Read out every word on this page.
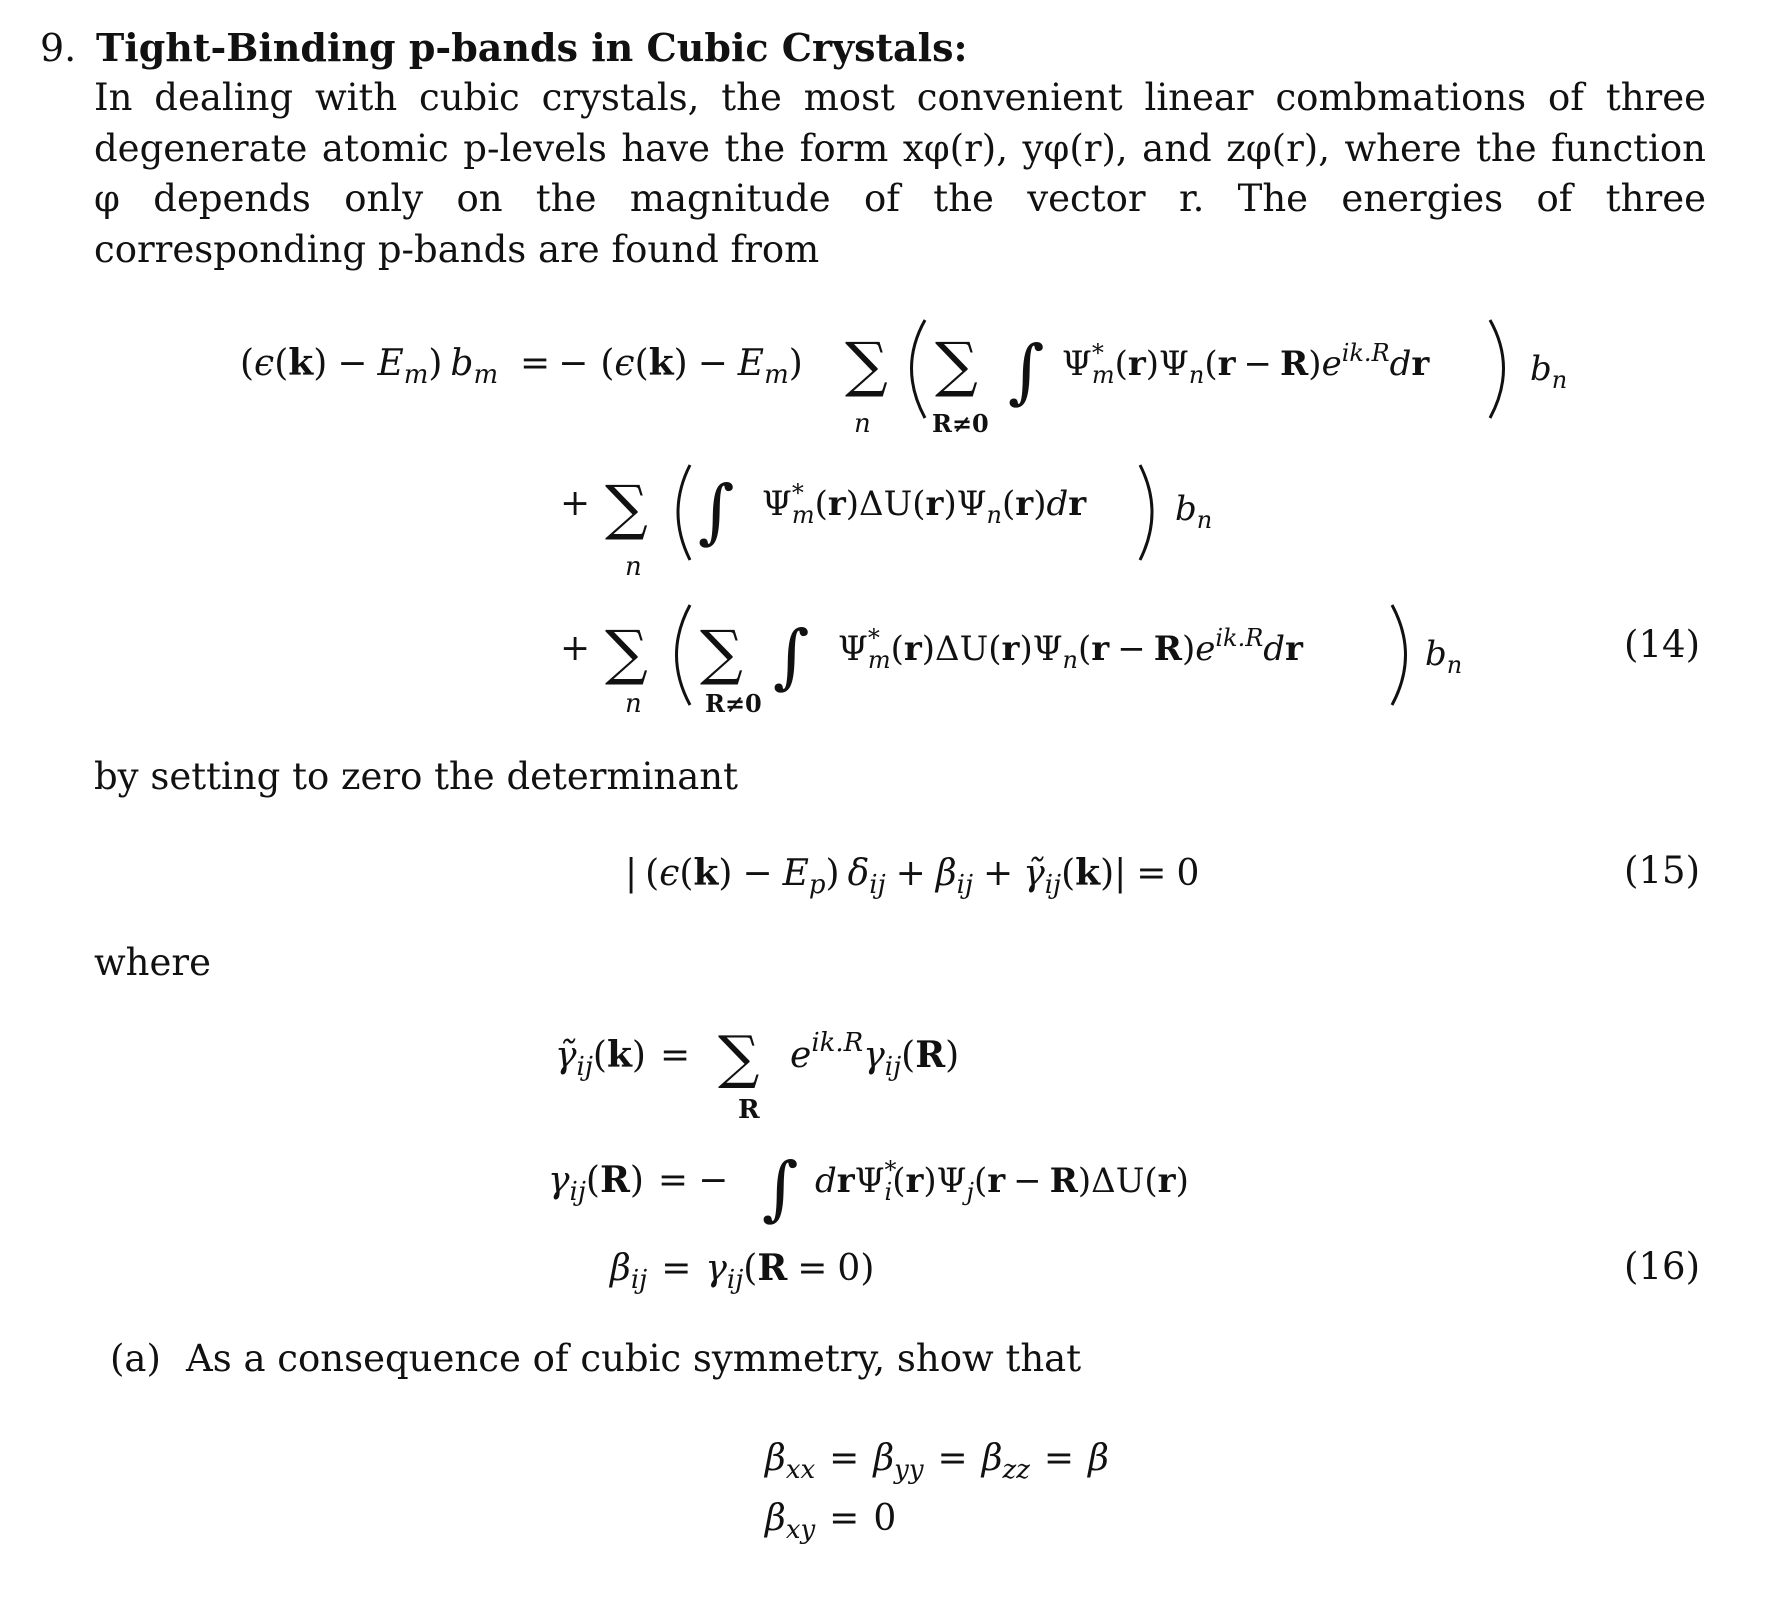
9. Tight-Binding p-bands in Cubic Crystals:
In dealing with cubic crystals, the most convenient linear combmations of three degenerate atomic p-levels have the form xφ(r), yφ(r), and zφ(r), where the function φ depends only on the magnitude of the vector r. The energies of three corresponding p-bands are found from
$(\epsilon(k) - E_m)$ $b_m$ = − $(\epsilon(k) - E_m)$ ∑
n
∑
R≠0
∫ Ψ* $m(r)\Psi_n(r - R)e^{ik.R}dr$	$b_n$
+ ∑
n
∫ Ψ* $m(r)\Delta U(r)\Psi_n(r)dr$	$b_n$
+ ∑
n
∑
R≠0
∫ Ψ* $m(r)\Delta U(r)\Psi_n(r - R)e^{ik.R}dr$	$b_n$
| $(\epsilon(k) - E_p)$ $\delta_{ij} + \beta_{ij}$ + $\gammã_{ij}(k)| = 0$
$\gammã_{ij}(k)$ = ∑
R
$e^{ik.R}\gamma_{ij}(R)$
$\gamma_{ij}(R)$ = − ∫ drΨ* $i(r)\Psi_j(r - R)\Delta U(r)$
$\beta_{ij} = \gamma_{ij}(R = 0)$
$\beta_{xx} = \beta_{yy} = \beta_{zz} = \beta$
$\beta_{xy} = 0$
(14)
by setting to zero the determinant
(15)
where
(16)
(a) As a consequence of cubic symmetry, show that
